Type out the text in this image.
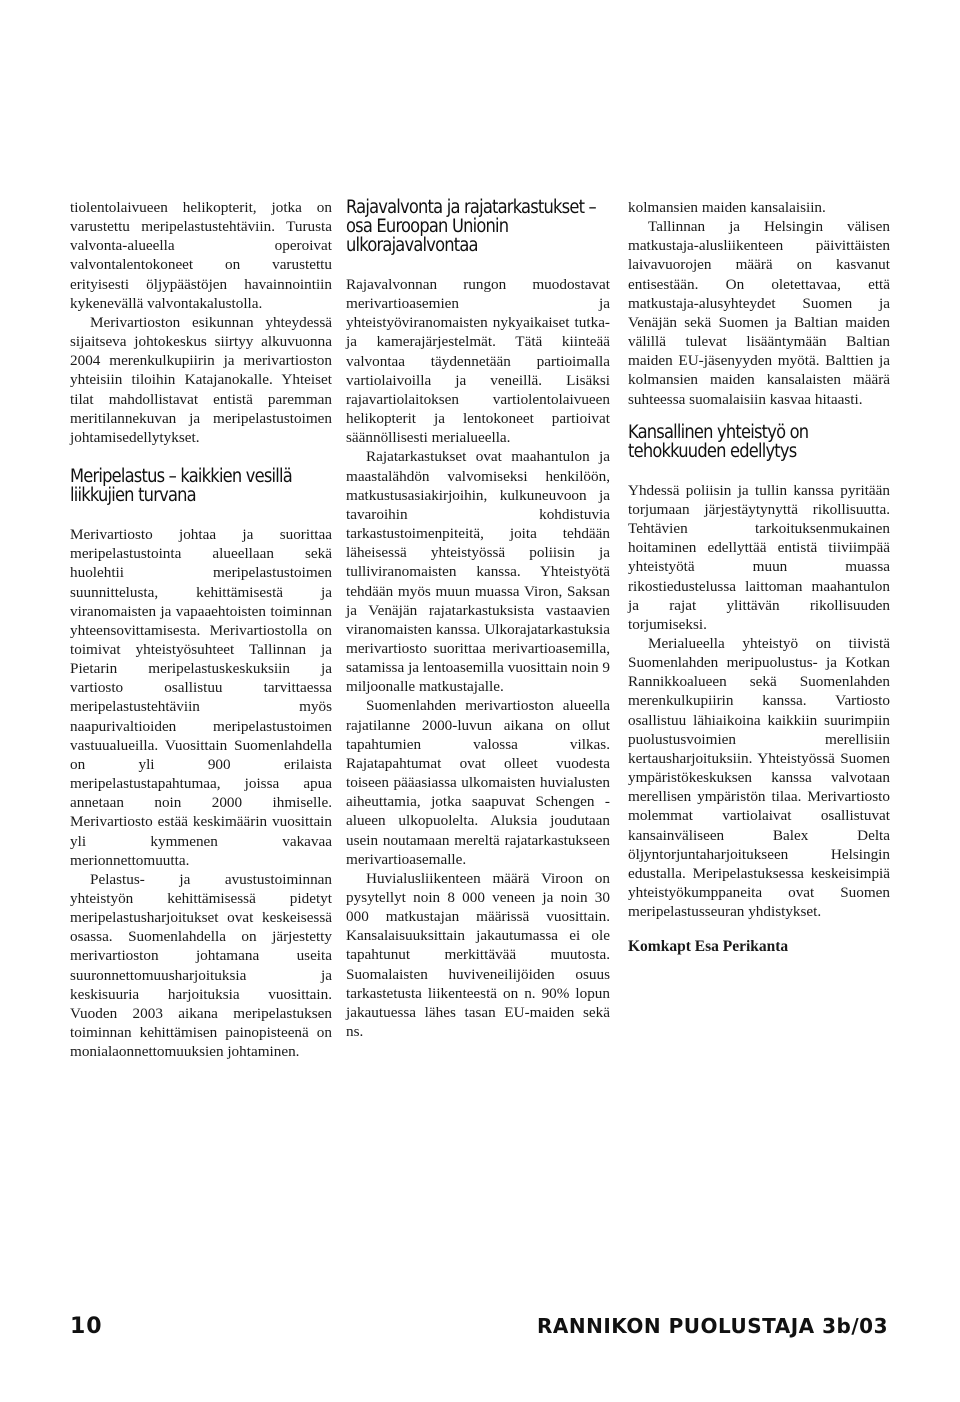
tiolentolaivueen helikopterit, jotka on varustettu meripelastustehtäviin. Turusta valvonta-alueella operoivat valvontalentokoneet on varustettu erityisesti öljypäästöjen havainnointiin kykenevällä valvontakalustolla.

Merivartioston esikunnan yhteydessä sijaitseva johtokeskus siirtyy alkuvuonna 2004 merenkulkupiirin ja merivartioston yhteisiin tiloihin Katajanokalle. Yhteiset tilat mahdollistavat entistä paremman meritilannekuvan ja meripelastustoimen johtamisedellytykset.

Meripelastus – kaikkien vesillä liikkujien turvana

Merivartiosto johtaa ja suorittaa meripelastustointa alueellaan sekä huolehtii meripelastustoimen suunnittelusta, kehittämisestä ja viranomaisten ja vapaaehtoisten toiminnan yhteensovittamisesta. Merivartiostolla on toimivat yhteistyösuhteet Tallinnan ja Pietarin meripelastuskeskuksiin ja vartiosto osallistuu tarvittaessa meripelastustehtäviin myös naapurivaltioiden meripelastustoimen vastuualueilla. Vuosittain Suomenlahdella on yli 900 erilaista meripelastustapahtumaa, joissa apua annetaan noin 2000 ihmiselle. Merivartiosto estää keskimäärin vuosittain yli kymmenen vakavaa merionnettomuutta.

Pelastus- ja avustustoiminnan yhteistyön kehittämisessä pidetyt meripelastusharjoitukset ovat keskeisessä osassa. Suomenlahdella on järjestetty merivartioston johtamana useita suuronnettomuusharjoituksia ja keskisuuria harjoituksia vuosittain. Vuoden 2003 aikana meripelastuksen toiminnan kehittämisen painopisteenä on monialaonnettomuuksien johtaminen.

Rajavalvonta ja rajatarkastukset – osa Euroopan Unionin ulkorajavalvontaa

Rajavalvonnan rungon muodostavat merivartioasemien ja yhteistyöviranomaisten nykyaikaiset tutka- ja kamerajärjestelmät. Tätä kiinteää valvontaa täydennetään partioimalla vartiolaivoilla ja veneillä. Lisäksi rajavartiolaitoksen vartiolentolaivueen helikopterit ja lentokoneet partioivat säännöllisesti merialueella.

Rajatarkastukset ovat maahantulon ja maastalähdön valvomiseksi henkilöön, matkustusasiakirjoihin, kulkuneuvoon ja tavaroihin kohdistuvia tarkastustoimenpiteitä, joita tehdään läheisessä yhteistyössä poliisin ja tulliviranomaisten kanssa. Yhteistyötä tehdään myös muun muassa Viron, Saksan ja Venäjän rajatarkastuksista vastaavien viranomaisten kanssa. Ulkorajatarkastuksia merivartiosto suorittaa merivartioasemilla, satamissa ja lentoasemilla vuosittain noin 9 miljoonalle matkustajalle.

Suomenlahden merivartioston alueella rajatilanne 2000-luvun aikana on ollut tapahtumien valossa vilkas. Rajatapahtumat ovat olleet vuodesta toiseen pääasiassa ulkomaisten huvialusten aiheuttamia, jotka saapuvat Schengen -alueen ulkopuolelta. Aluksia joudutaan usein noutamaan mereltä rajatarkastukseen merivartioasemalle.

Huvialusliikenteen määrä Viroon on pysytellyt noin 8 000 veneen ja noin 30 000 matkustajan määrissä vuosittain. Kansalaisuuksittain jakautumassa ei ole tapahtunut merkittävää muutosta. Suomalaisten huviveneilijöiden osuus tarkastetusta liikenteestä on n. 90% lopun jakautuessa lähes tasan EU-maiden sekä ns.

kolmansien maiden kansalaisiin.

Tallinnan ja Helsingin välisen matkustaja-alusliikenteen päivittäisten laivavuorojen määrä on kasvanut entisestään. On oletettavaa, että matkustaja-alusyhteydet Suomen ja Venäjän sekä Suomen ja Baltian maiden välillä tulevat lisääntymään Baltian maiden EU-jäsenyyden myötä. Balttien ja kolmansien maiden kansalaisten määrä suhteessa suomalaisiin kasvaa hitaasti.

Kansallinen yhteistyö on tehokkuuden edellytys

Yhdessä poliisin ja tullin kanssa pyritään torjumaan järjestäytynyttä rikollisuutta. Tehtävien tarkoituksenmukainen hoitaminen edellyttää entistä tiiviimpää yhteistyötä muun muassa rikostiedustelussa laittoman maahantulon ja rajat ylittävän rikollisuuden torjumiseksi.

Merialueella yhteistyö on tiivistä Suomenlahden meripuolustus- ja Kotkan Rannikkoalueen sekä Suomenlahden merenkulkupiirin kanssa. Vartiosto osallistuu lähiaikoina kaikkiin suurimpiin puolustusvoimien merellisiin kertausharjoituksiin. Yhteistyössä Suomen ympäristökeskuksen kanssa valvotaan merellisen ympäristön tilaa. Merivartiosto molemmat vartiolaivat osallistuvat kansainväliseen Balex Delta öljyntorjuntaharjoitukseen Helsingin edustalla. Meripelastuksessa keskeisimpiä yhteistyökumppaneita ovat Suomen meripelastusseuran yhdistykset.

Komkapt Esa Perikanta

10	RANNIKON PUOLUSTAJA 3b/03
